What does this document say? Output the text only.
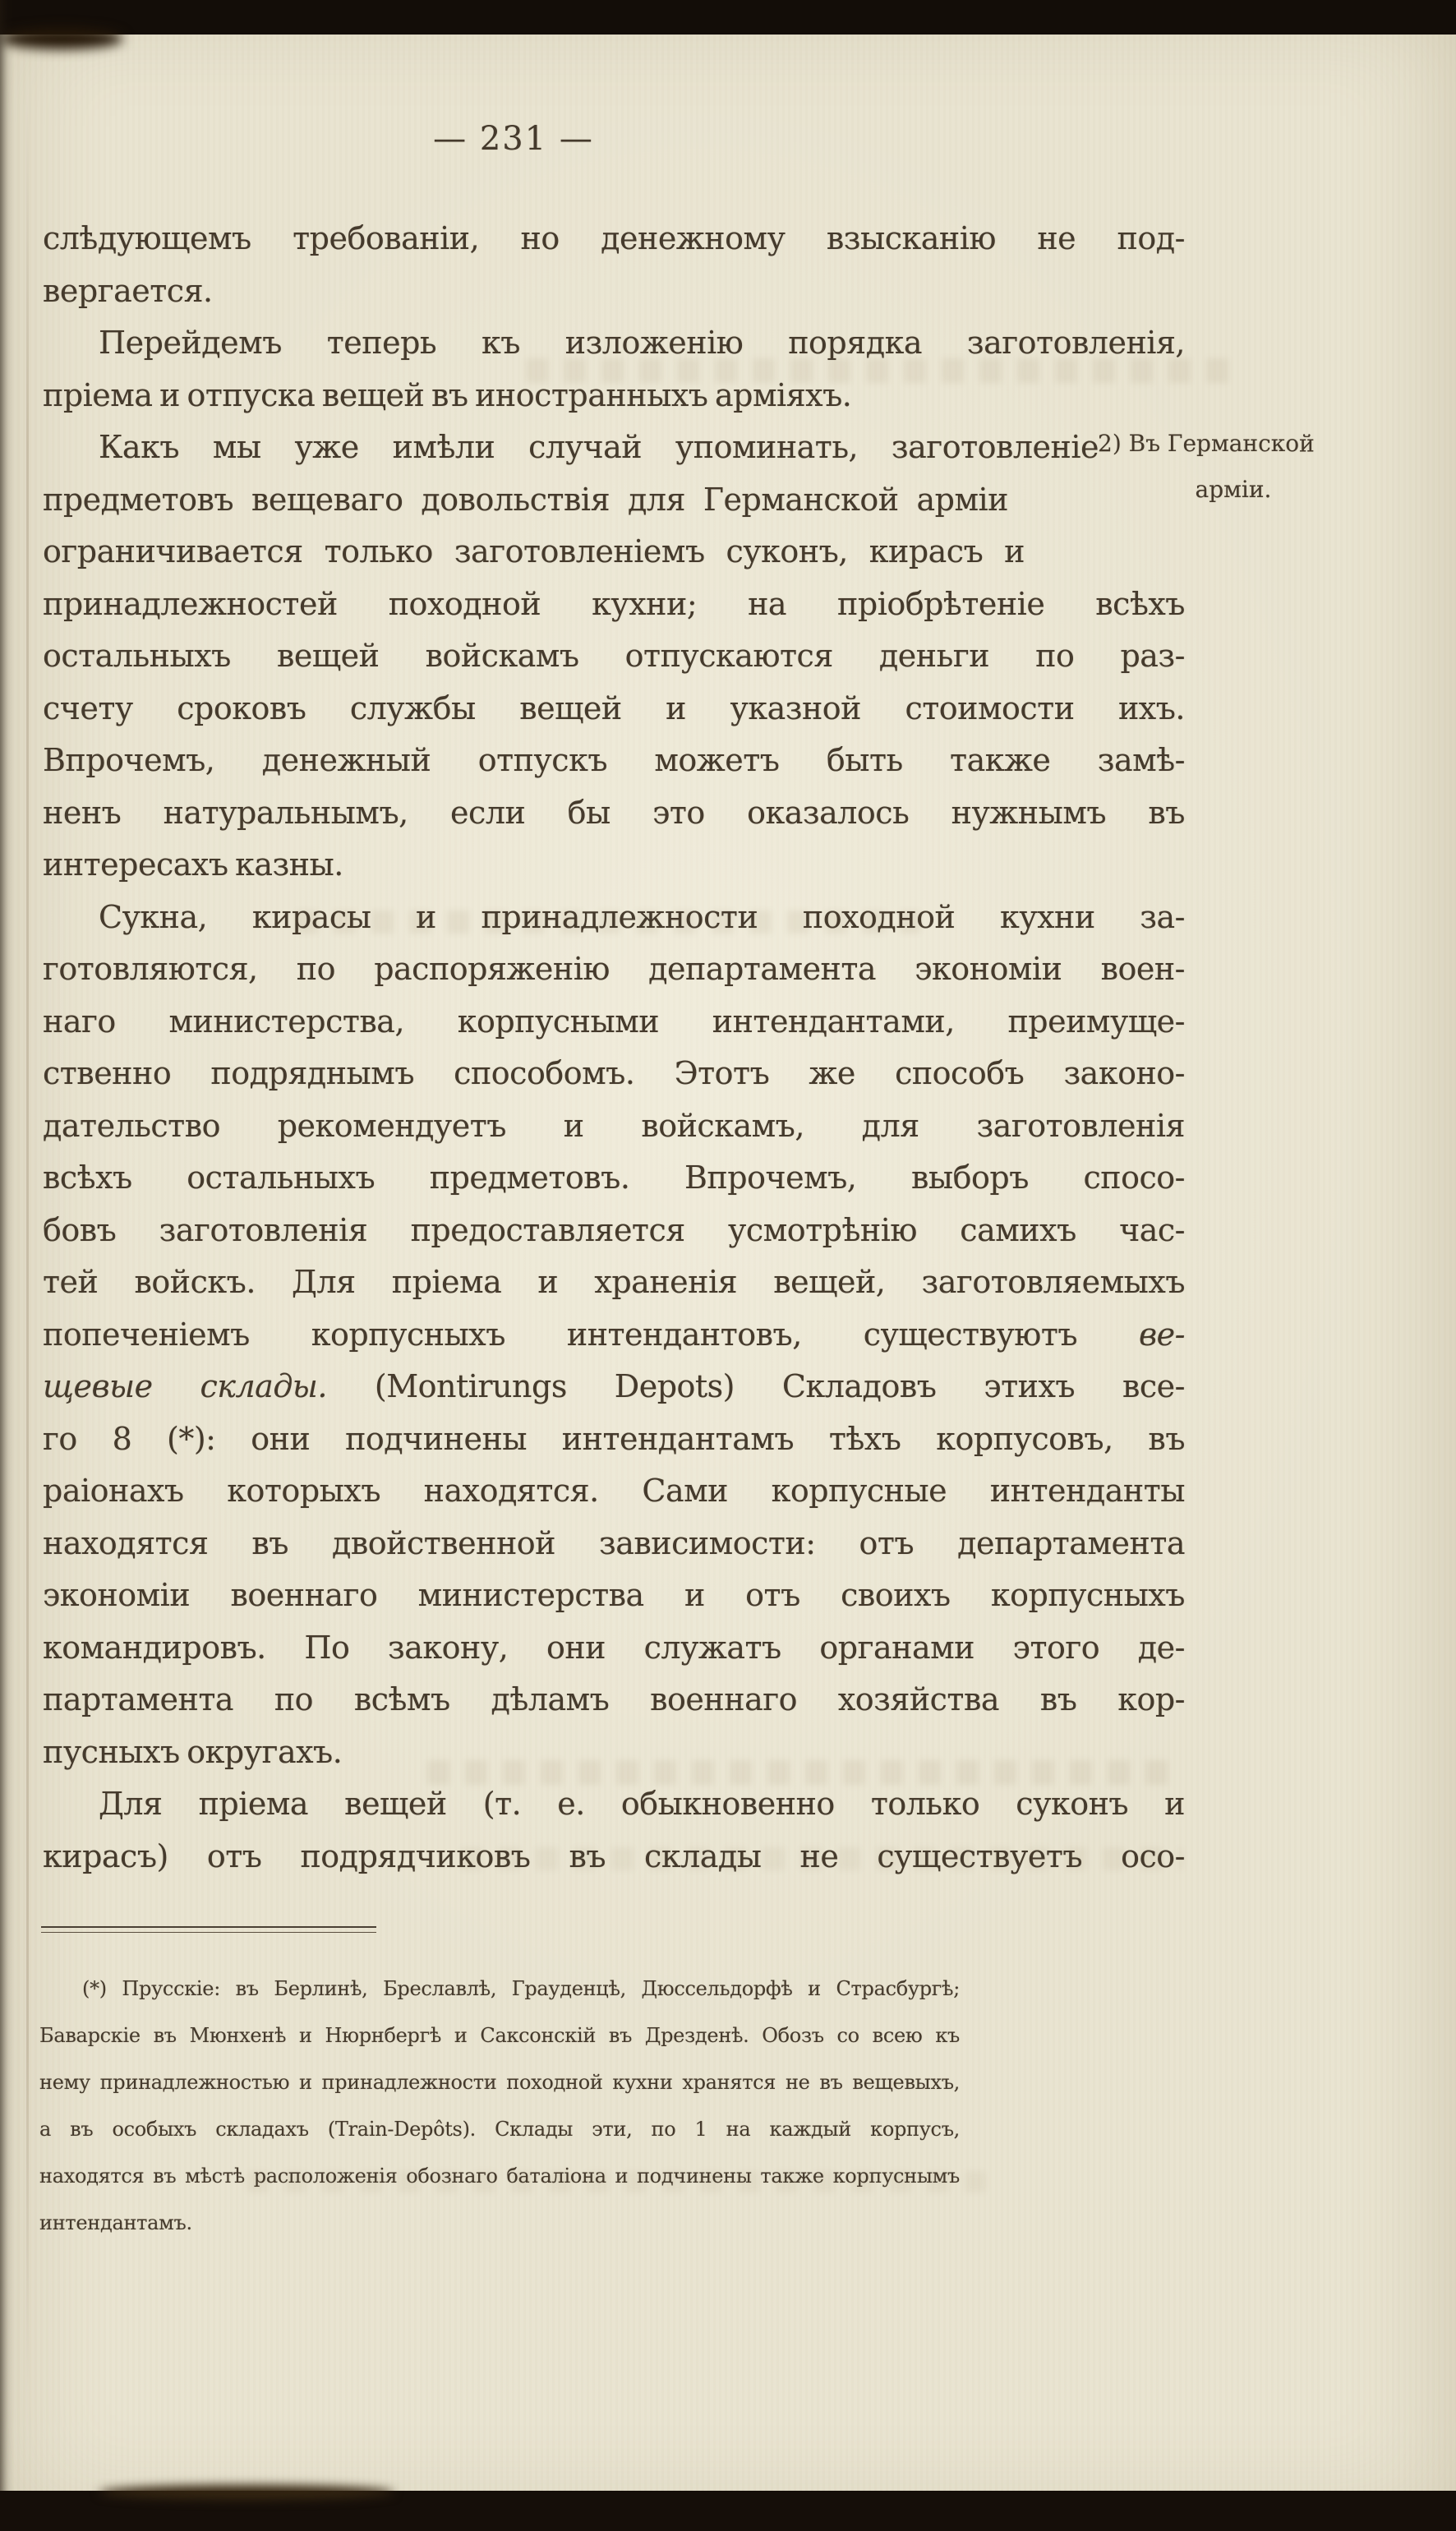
— 231 —
2) Въ Германской
арміи.
слѣдующемъ требованіи, но денежному взысканію не под-
вергается.
Перейдемъ теперь къ изложенію порядка заготовленія,
пріема и отпуска вещей въ иностранныхъ арміяхъ.
Какъ мы уже имѣли случай упоминать, заготовленіе
предметовъ вещеваго довольствія для Германской арміи
ограничивается только заготовленіемъ суконъ, кирасъ и
принадлежностей походной кухни; на пріобрѣтеніе всѣхъ
остальныхъ вещей войскамъ отпускаются деньги по раз-
счету сроковъ службы вещей и указной стоимости ихъ.
Впрочемъ, денежный отпускъ можетъ быть также замѣ-
ненъ натуральнымъ, если бы это оказалось нужнымъ въ
интересахъ казны.
Сукна, кирасы и принадлежности походной кухни за-
готовляются, по распоряженію департамента экономіи воен-
наго министерства, корпусными интендантами, преимуще-
ственно подряднымъ способомъ. Этотъ же способъ законо-
дательство рекомендуетъ и войскамъ, для заготовленія
всѣхъ остальныхъ предметовъ. Впрочемъ, выборъ спосо-
бовъ заготовленія предоставляется усмотрѣнію самихъ час-
тей войскъ. Для пріема и храненія вещей, заготовляемыхъ
попеченіемъ корпусныхъ интендантовъ, существуютъ ве-
щевые склады. (Montirungs Depots) Складовъ этихъ все-
го 8 (*): они подчинены интендантамъ тѣхъ корпусовъ, въ
раіонахъ которыхъ находятся. Сами корпусные интенданты
находятся въ двойственной зависимости: отъ департамента
экономіи военнаго министерства и отъ своихъ корпусныхъ
командировъ. По закону, они служатъ органами этого де-
партамента по всѣмъ дѣламъ военнаго хозяйства въ кор-
пусныхъ округахъ.
Для пріема вещей (т. е. обыкновенно только суконъ и
кирасъ) отъ подрядчиковъ въ склады не существуетъ осо-
(*) Прусскіе: въ Берлинѣ, Бреславлѣ, Грауденцѣ, Дюссельдорфѣ и Страсбургѣ;
Баварскіе въ Мюнхенѣ и Нюрнбергѣ и Саксонскій въ Дрезденѣ. Обозъ со всею къ
нему принадлежностью и принадлежности походной кухни хранятся не въ вещевыхъ,
а въ особыхъ складахъ (Train-Depôts). Склады эти, по 1 на каждый корпусъ,
находятся въ мѣстѣ расположенія обознаго баталіона и подчинены также корпуснымъ
интендантамъ.
